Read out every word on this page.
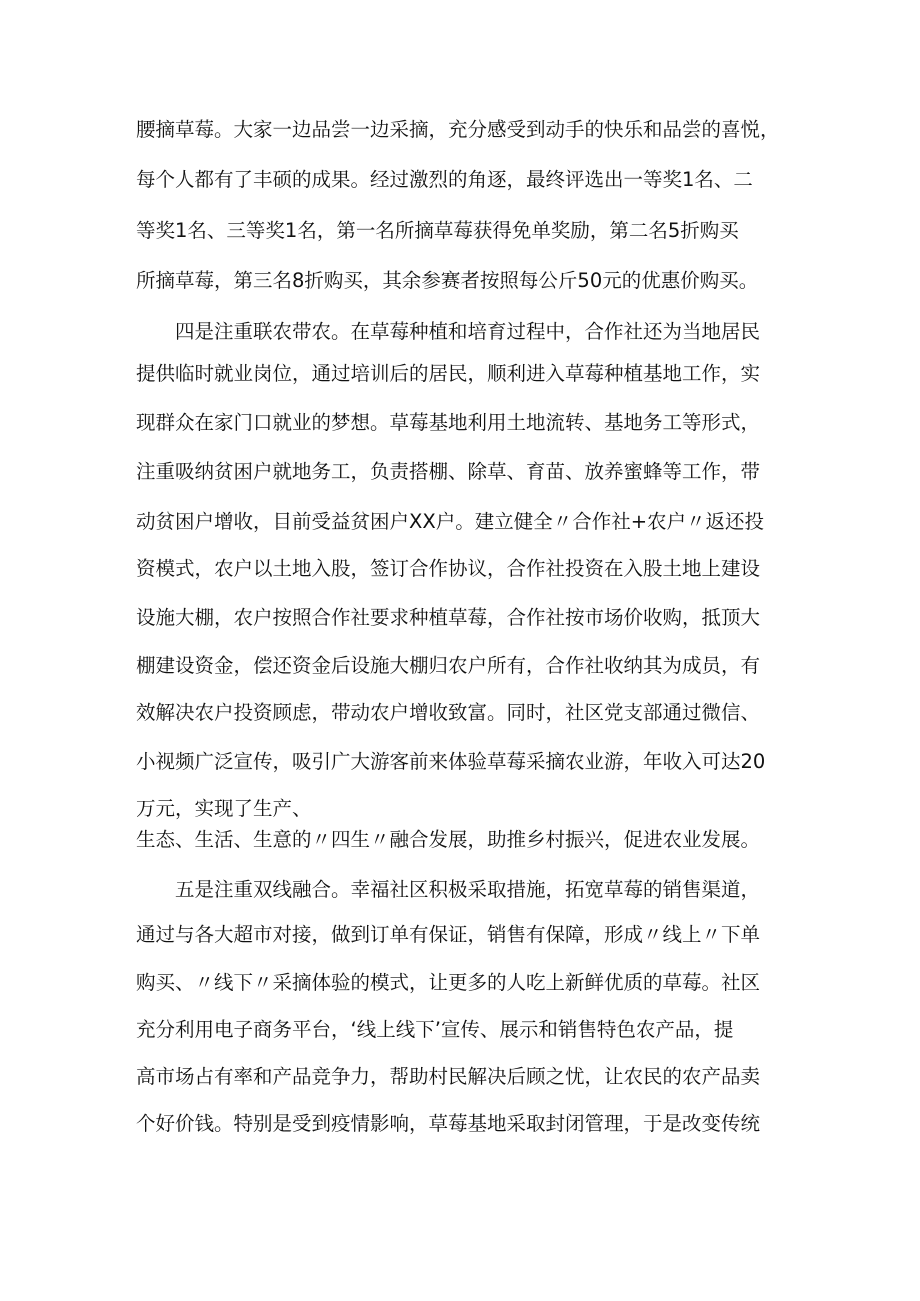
腰摘草莓。大家一边品尝一边采摘，充分感受到动手的快乐和品尝的喜悦，
每个人都有了丰硕的成果。经过激烈的角逐，最终评选出一等奖1名、二
等奖1名、三等奖1名，第一名所摘草莓获得免单奖励，第二名5折购买
所摘草莓，第三名8折购买，其余参赛者按照每公斤50元的优惠价购买。
四是注重联农带农。在草莓种植和培育过程中，合作社还为当地居民
提供临时就业岗位，通过培训后的居民，顺利进入草莓种植基地工作，实
现群众在家门口就业的梦想。草莓基地利用土地流转、基地务工等形式，
注重吸纳贫困户就地务工，负责搭棚、除草、育苗、放养蜜蜂等工作，带
动贫困户增收，目前受益贫困户XX户。建立健全〃合作社+农户〃返还投
资模式，农户以土地入股，签订合作协议，合作社投资在入股土地上建设
设施大棚，农户按照合作社要求种植草莓，合作社按市场价收购，抵顶大
棚建设资金，偿还资金后设施大棚归农户所有，合作社收纳其为成员，有
效解决农户投资顾虑，带动农户增收致富。同时，社区党支部通过微信、
小视频广泛宣传，吸引广大游客前来体验草莓采摘农业游，年收入可达20
万元，实现了生产、
生态、生活、生意的〃四生〃融合发展，助推乡村振兴，促进农业发展。
五是注重双线融合。幸福社区积极采取措施，拓宽草莓的销售渠道，
通过与各大超市对接，做到订单有保证，销售有保障，形成〃线上〃下单
购买、〃线下〃采摘体验的模式，让更多的人吃上新鲜优质的草莓。社区
充分利用电子商务平台，‘线上线下’宣传、展示和销售特色农产品，提
高市场占有率和产品竞争力，帮助村民解决后顾之忧，让农民的农产品卖
个好价钱。特别是受到疫情影响，草莓基地采取封闭管理，于是改变传统
